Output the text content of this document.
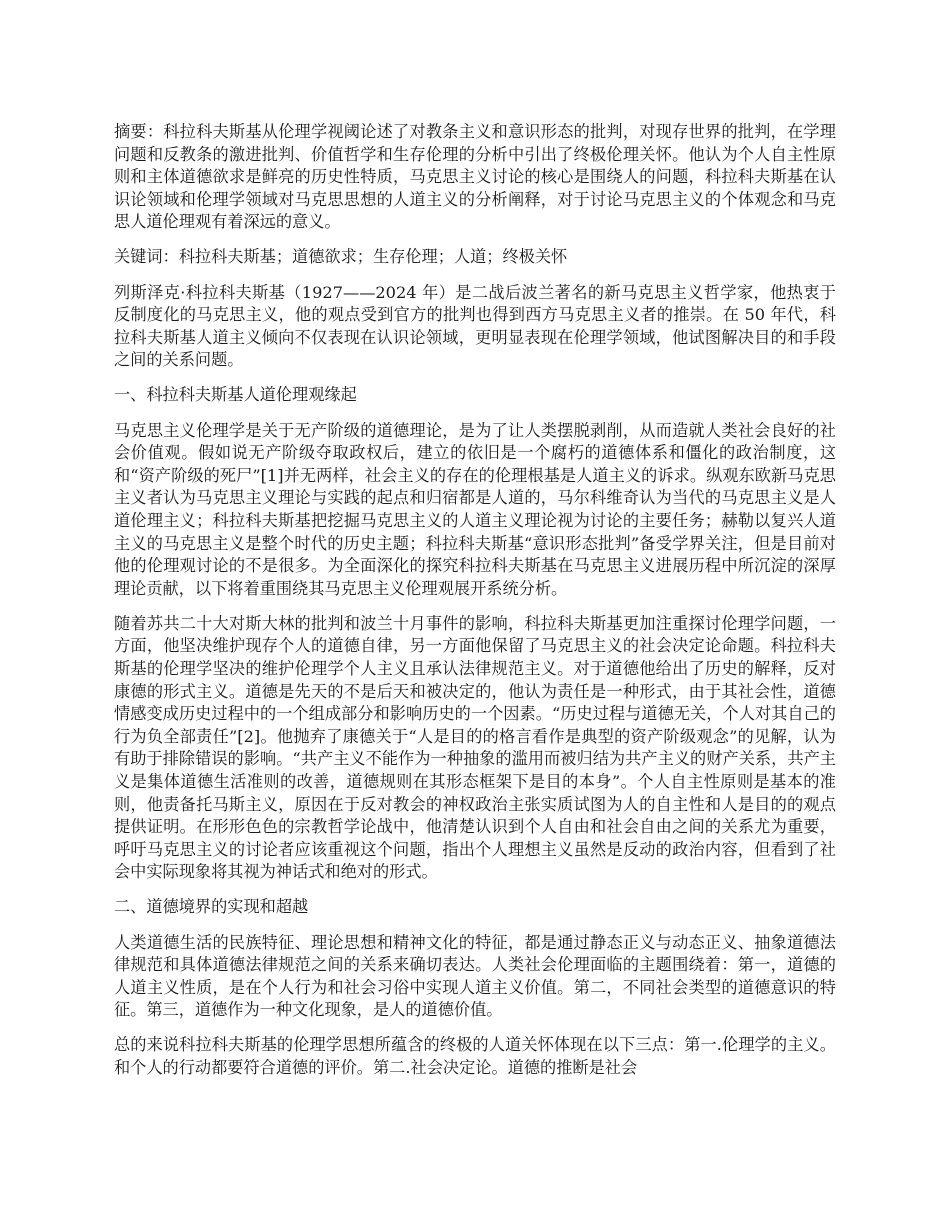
摘要：科拉科夫斯基从伦理学视阈论述了对教条主义和意识形态的批判，对现存世界的批判，在学理问题和反教条的激进批判、价值哲学和生存伦理的分析中引出了终极伦理关怀。他认为个人自主性原则和主体道德欲求是鲜亮的历史性特质，马克思主义讨论的核心是围绕人的问题，科拉科夫斯基在认识论领域和伦理学领域对马克思思想的人道主义的分析阐释，对于讨论马克思主义的个体观念和马克思人道伦理观有着深远的意义。

关键词：科拉科夫斯基；道德欲求；生存伦理；人道；终极关怀

列斯泽克·科拉科夫斯基（1927——2024 年）是二战后波兰著名的新马克思主义哲学家，他热衷于反制度化的马克思主义，他的观点受到官方的批判也得到西方马克思主义者的推崇。在 50 年代，科拉科夫斯基人道主义倾向不仅表现在认识论领域，更明显表现在伦理学领域，他试图解决目的和手段之间的关系问题。

一、科拉科夫斯基人道伦理观缘起

马克思主义伦理学是关于无产阶级的道德理论，是为了让人类摆脱剥削，从而造就人类社会良好的社会价值观。假如说无产阶级夺取政权后，建立的依旧是一个腐朽的道德体系和僵化的政治制度，这和“资产阶级的死尸”[1]并无两样，社会主义的存在的伦理根基是人道主义的诉求。纵观东欧新马克思主义者认为马克思主义理论与实践的起点和归宿都是人道的，马尔科维奇认为当代的马克思主义是人道伦理主义；科拉科夫斯基把挖掘马克思主义的人道主义理论视为讨论的主要任务；赫勒以复兴人道主义的马克思主义是整个时代的历史主题；科拉科夫斯基“意识形态批判”备受学界关注，但是目前对他的伦理观讨论的不是很多。为全面深化的探究科拉科夫斯基在马克思主义进展历程中所沉淀的深厚理论贡献，以下将着重围绕其马克思主义伦理观展开系统分析。

随着苏共二十大对斯大林的批判和波兰十月事件的影响，科拉科夫斯基更加注重探讨伦理学问题，一方面，他坚决维护现存个人的道德自律，另一方面他保留了马克思主义的社会决定论命题。科拉科夫斯基的伦理学坚决的维护伦理学个人主义且承认法律规范主义。对于道德他给出了历史的解释，反对康德的形式主义。道德是先天的不是后天和被决定的，他认为责任是一种形式，由于其社会性，道德情感变成历史过程中的一个组成部分和影响历史的一个因素。“历史过程与道德无关，个人对其自己的行为负全部责任”[2]。他抛弃了康德关于“人是目的的格言看作是典型的资产阶级观念”的见解，认为有助于排除错误的影响。“共产主义不能作为一种抽象的滥用而被归结为共产主义的财产关系，共产主义是集体道德生活准则的改善，道德规则在其形态框架下是目的本身”。个人自主性原则是基本的准则，他责备托马斯主义，原因在于反对教会的神权政治主张实质试图为人的自主性和人是目的的观点提供证明。在形形色色的宗教哲学论战中，他清楚认识到个人自由和社会自由之间的关系尤为重要，呼吁马克思主义的讨论者应该重视这个问题，指出个人理想主义虽然是反动的政治内容，但看到了社会中实际现象将其视为神话式和绝对的形式。

二、道德境界的实现和超越

人类道德生活的民族特征、理论思想和精神文化的特征，都是通过静态正义与动态正义、抽象道德法律规范和具体道德法律规范之间的关系来确切表达。人类社会伦理面临的主题围绕着：第一，道德的人道主义性质，是在个人行为和社会习俗中实现人道主义价值。第二，不同社会类型的道德意识的特征。第三，道德作为一种文化现象，是人的道德价值。

总的来说科拉科夫斯基的伦理学思想所蕴含的终极的人道关怀体现在以下三点：第一.伦理学的主义。和个人的行动都要符合道德的评价。第二.社会决定论。道德的推断是社会
